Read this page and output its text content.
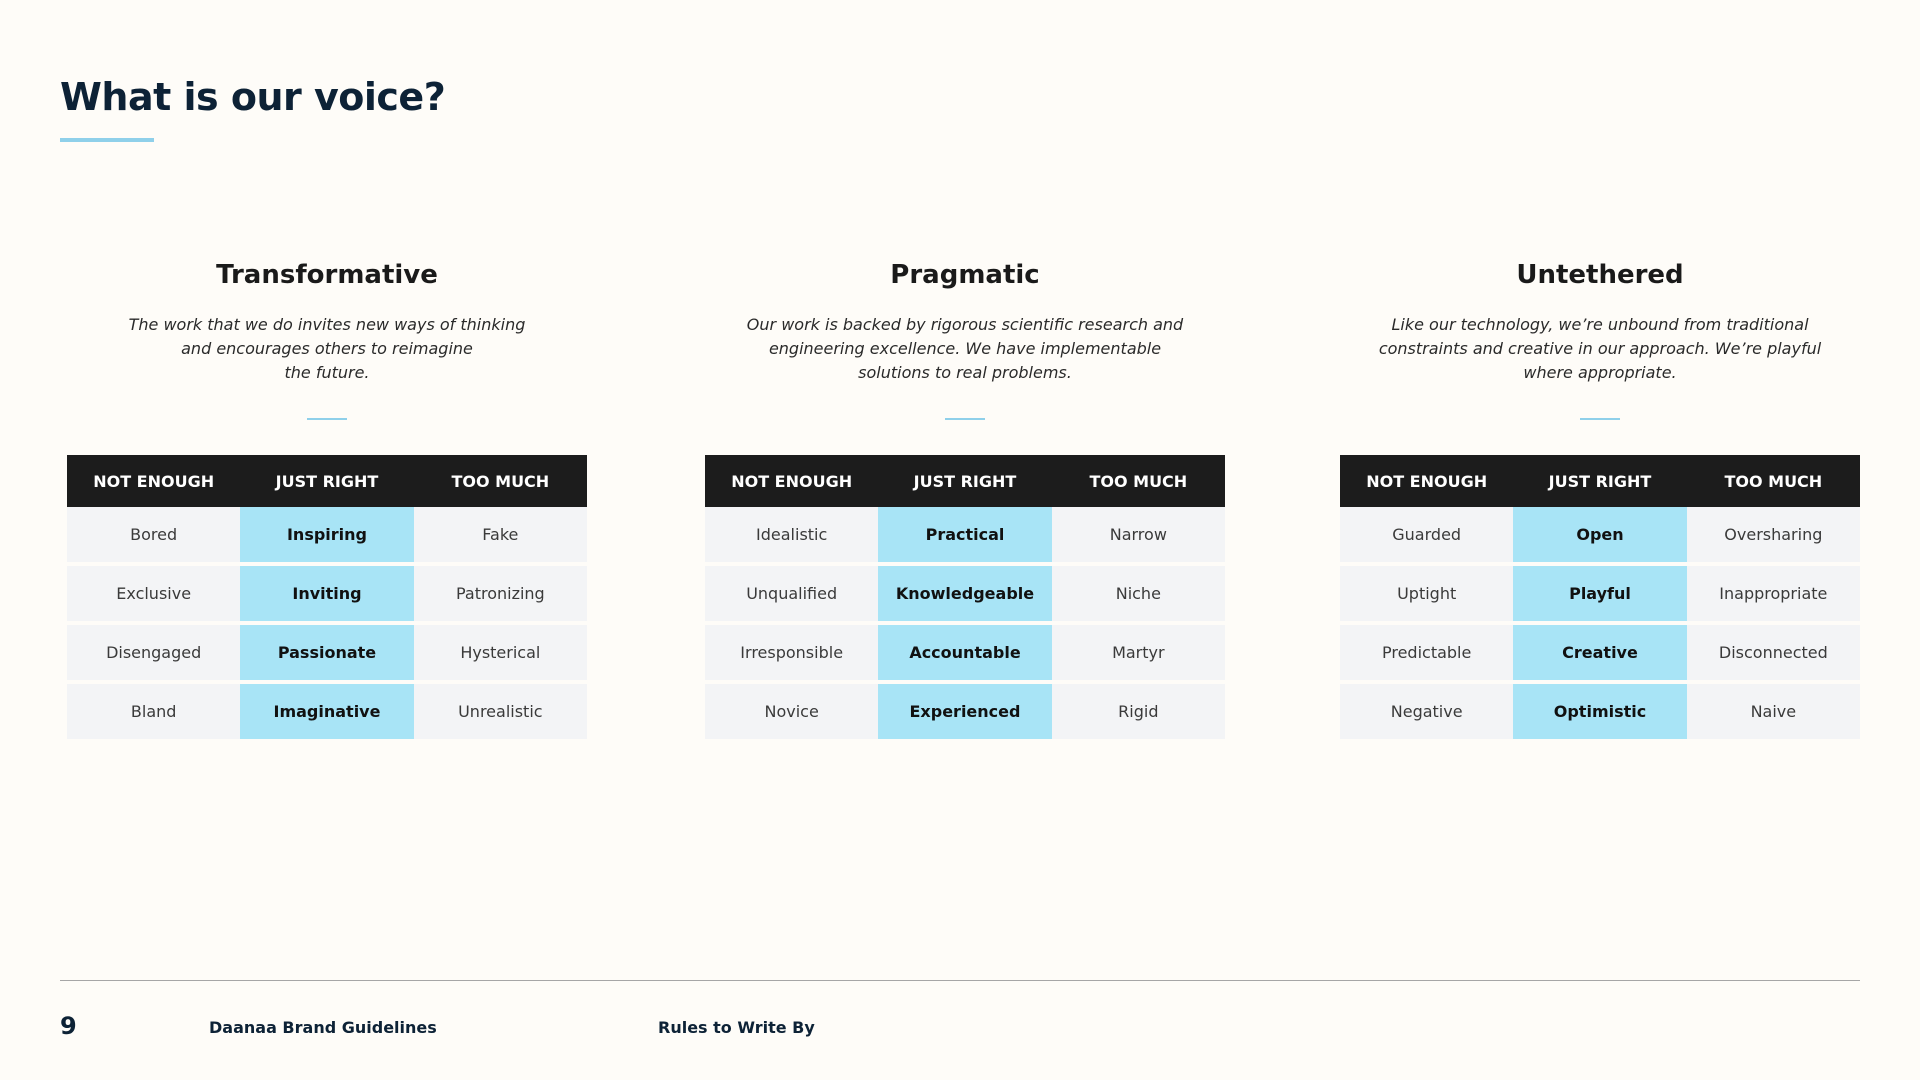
What is our voice?
Transformative

The work that we do invites new ways of thinking
and encourages others to reimagine
the future.

NOT ENOUGH	JUST RIGHT	TOO MUCH
Bored	Inspiring	Fake
Exclusive	Inviting	Patronizing
Disengaged	Passionate	Hysterical
Bland	Imaginative	Unrealistic
Pragmatic

Our work is backed by rigorous scientific research and
engineering excellence. We have implementable
solutions to real problems.

NOT ENOUGH	JUST RIGHT	TOO MUCH
Idealistic	Practical	Narrow
Unqualified	Knowledgeable	Niche
Irresponsible	Accountable	Martyr
Novice	Experienced	Rigid
Untethered

Like our technology, we’re unbound from traditional
constraints and creative in our approach. We’re playful
where appropriate.

NOT ENOUGH	JUST RIGHT	TOO MUCH
Guarded	Open	Oversharing
Uptight	Playful	Inappropriate
Predictable	Creative	Disconnected
Negative	Optimistic	Naive
9	Daanaa Brand Guidelines	Rules to Write By
